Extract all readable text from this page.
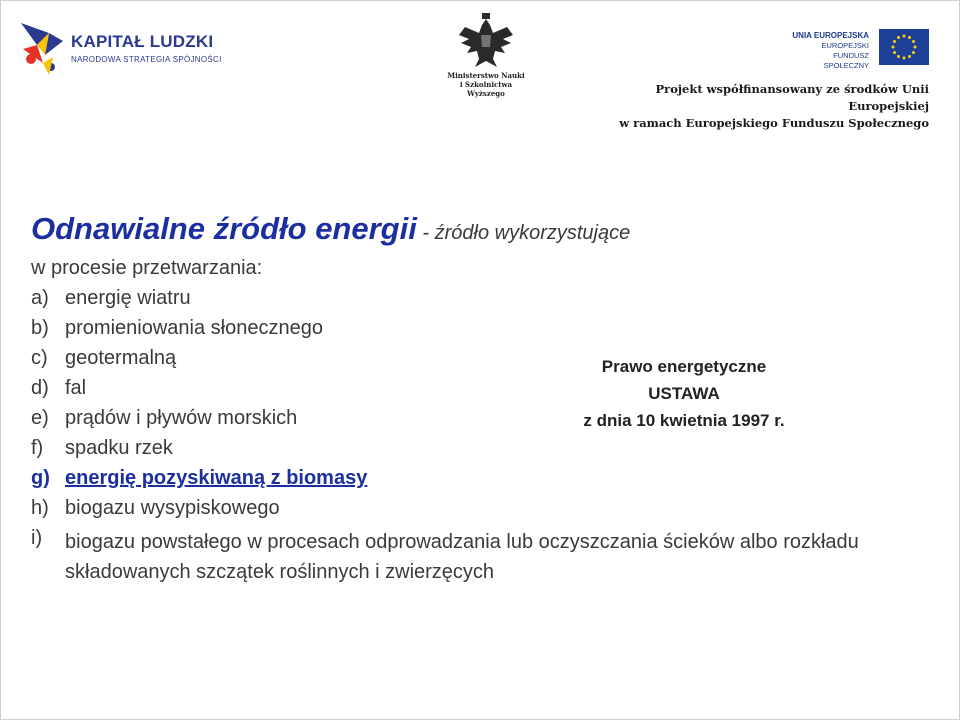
KAPITAŁ LUDZKI
NARODOWA STRATEGIA SPÓJNOŚCI
Ministerstwo Nauki
i Szkolnictwa Wyższego
UNIA EUROPEJSKA
EUROPEJSKI
FUNDUSZ SPOŁECZNY
Projekt współfinansowany ze środków Unii Europejskiej
w ramach Europejskiego Funduszu Społecznego
Odnawialne źródło energii - źródło wykorzystujące
w procesie przetwarzania:
a) energię wiatru
b) promieniowania słonecznego
c) geotermalną
d) fal
e) prądów i pływów morskich
f) spadku rzek
g) energię pozyskiwaną z biomasy
h) biogazu wysypiskowego
i) biogazu powstałego w procesach odprowadzania lub oczyszczania ścieków albo rozkładu składowanych szczątek roślinnych i zwierzęcych
Prawo energetyczne
USTAWA
z dnia 10 kwietnia 1997 r.
